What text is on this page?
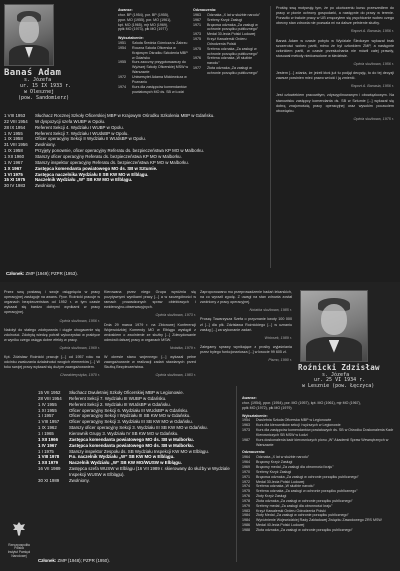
Banaś Adam
s. Józefa
ur. 15 IX 1933 r.
w Olesznej
(pow. Sandomierz)
Awanse:
chor. BP (1954), por. BP (1955),
ppor. MO (1955), por. MO (1961),
kpt. MO (1965), mjr MO (1969),
ppłk MO (1973), płk MO (1977)
Wykształcenie:
1951	Szkoła Średnia Górnicza w Żabrzu
1954	Roczna Szkoła Oficerska w Krajowym Ośrodku Szkolenia MBP w Gdańsku
1955	Kurs zaoczny przygotowawczy do Wyższej Szkoły Oficerskiej MSW w Warszawie
1972	Uniwersytet Adama Mickiewicza w Poznaniu
1974	Kurs dla zastępców komendantów powiatowych MO ds. SB w Łodzi
Odznaczenia:
1963	Odznaka „X lat w służbie narodu”
1967	Srebrny Krzyż Zasługi
1971	Brązowa odznaka „Za zasługi w ochronie porządku publicznego”
1973	Medal 30-lecia Polski Ludowej
1975	Krzyż Kawalerski Orderu Odrodzenia Polski
1975	Srebrna odznaka „Za zasługi w ochronie porządku publicznego”
1976	Srebrna odznaka „W służbie narodu”
1977	Złota odznaka „Za zasługi w ochronie porządku publicznego”

Prośbę swą motywuję tym, że po ukończeniu kursu przeszedłem do pracy w pionie ochrony gospodarki, a następnie do pracy w terenie. Ponadto w trakcie pracy w UB zmęczyłem się psychicznie wobec czego obecny stan zdrowia nie pozwala mi na dalsze pełnienie służby.

Raport A. Banasia, 1956 r.

Banaś Adam w czasie pobytu w Wydziale Śledczym wykazał brak szczerości wobec partii, mimo że był członkiem ZMP, a następnie członkiem partii, w czasie przesłuchania nie mówił całej prawdy, stosował metody niedozwolone w śledztwie.

Opinia służbowa, 1956 r.

Jestem [...] zdania, że jeżeli ktoś już tu podjął decyzję, to do tej decyzji zawsze powinien mieć prawo wrócić i ją zmienić.

Raport A. Banasia, 1956 r.

Jest człowiekiem pracowitym, zdyscyplinowanym i obowiązkowym. Na stanowisku zastępcy komendanta ds. SB w Sztumie [...] wykazał się dobrą znajomością pracy operacyjnej oraz wysokim poczuciem obowiązku.

Opinia służbowa, 1975 r.
1 VIII 1953	Słuchacz Rocznej Szkoły Oficerskiej MBP w Krajowym Ośrodku Szkolenia MBP w Gdańsku.
22 VIII 1954	W dyspozycji szefa WUBP w Opolu.
28 IX 1954	Referent Sekcji 4. Wydziału I WUBP w Opolu.
1 IV 1955	Referent Sekcji 7. Wydziału I WUdsBP w Opolu.
1 IX 1958	Oficer operacyjny Sekcji II Wydziału II WUdsBP w Opolu.
31 VIII 1956	Zwolniony.
1 IX 1958	Przyjęty ponownie, oficer operacyjny Referatu ds. bezpieczeństwa KP MO w Malborku.
1 XII 1960	Starszy oficer operacyjny Referatu ds. bezpieczeństwa KP MO w Malborku.
1 IV 1967	Starszy inspektor operacyjny Referatu ds. bezpieczeństwa KP MO w Malborku.
1 X 1967	Zastępca komendanta powiatowego MO ds. SB w Sztumie.
1 VI 1975	Zastępca naczelnika Wydziału II SB KW MO w Elblągu.
15 XI 1975	Naczelnik Wydziału „W” SB KW MO w Elblągu.
30 IV 1983	Zwolniony.
Członek: ZMP (1949); PZPR (1953).

Przez swą postawę i swoje osiągnięcia w pracy operacyjnej zasługuje na awans. Ppor. Roźnicki pracuje w organach bezpieczeństwa od 1952 r. w tym czasie wykazał się bardzo dobrymi wynikami w pracy operacyjnej.

Opinia służbowa, 1956 r.

Nałożył do stałego zdobywania i ciągłe ubogacenie się zdolności. Zdobytą wiedzę potrafi wykorzystać w praktyce w wyniku czego osiąga dobre efekty w pracy.

Opinia służbowa, 1969 r.

Kpt. Zdzisław Roźnicki pracuje [...] od 1957 roku na odcinku zwalczania działalności wrogich elementów [...] W toku swojej pracy wykazał się dużym zaangażowaniem.

Charakterystyka, 1970 r.

Kierowana przez niego Grupa wyróżnia się pozytywnymi wynikami pracy [...] a w szczególności w ramach prowadzonych spraw obiektowych i ewidencyjno-obserwacyjnych.

Opinia służbowa, 1973 r.

Dnia 29 marca 1979 r. na Zbiorowej Konferencji Wojewódzkiej Komendy MO w Elblągu wystąpił z wnioskiem o zwolnienie ze służby [...] Zdecydowanie odmówił dalszej pracy w organach MSW.

Notatka, 1979 r.

W okresie stanu wojennego [...] wykazał pełne zaangażowanie w realizacji zadań stawianych przed Służbą Bezpieczeństwa.

Opinia służbowa, 1983 r.

Zaproponowano mu przeprowadzenie badań lekarskich, na co wyraził zgodę. Z uwagi na stan zdrowia został zwolniony z pracy operacyjnej.

Notatka służbowa, 1985 r.

Proszę Towarzysza Szefa o przyznanie kwoty 100 000 zł [...] dla płk. Zdzisława Roźnickiego [...] w uznaniu zasług [...] za wykonanie zadań.

Wniosek, 1989 r.

Zalegamy sprawy wynikające z prośby wyjaśniania przez byłego funkcjonariusza [...] w kwocie 99 605 zł.

Pismo, 1990 r.
Roźnicki Zdzisław
s. Józefa
ur. 25 VI 1934 r.
w Lesznie (pow. Łęczyca)
15 VII 1952	Słuchacz Dwuletniej Szkoły Oficerskiej MBP w Legionowie.
28 VIII 1954	Referent Sekcji 7. Wydziału III WUBP w Gdańsku.
1 IV 1955	Referent Sekcji 2. Wydziału III WUdsBP w Gdańsku.
1 XI 1955	Oficer operacyjny Sekcji 6. Wydziału III WUdsBP w Gdańsku.
1 I 1957	Oficer operacyjny Sekcji I Wydziału III SB KW MO w Gdańsku.
1 VIII 1957	Oficer operacyjny Sekcji 3. Wydziału III SB KW MO w Gdańsku.
1 IX 1962	Starszy oficer operacyjny Sekcji 3. Wydziału III SB KW MO w Gdańsku.
1 I 1965	Kierownik Grupy 3. Wydziału IV SB KW MO w Gdańsku.
1 XII 1966	Zastępca komendanta powiatowego MO ds. SB w Malborku.
1 IV 1967	Zastępca komendanta powiatowego MO ds. SB w Malborku.
1 I 1975	Starszy inspektor Zespołu ds. SB Wydziału Inspekcji KW MO w Elblągu.
1 VIII 1978	P.o. naczelnik Wydziału „W” SB KW MO w Elblągu.
1 XII 1979	Naczelnik Wydziału „W” SB KW MO/WUSW w Elblągu.
16 VII 1989	Zastępca szefa WUSW w Elblągu (16 VII 1989 r. skierowany do służby w Wydziale Inspekcji WUSW w Elblągu).
30 XI 1989	Zwolniony.
Członek: ZMP (1948); PZPR (1950).
Awanse:
chor. (1954), ppor. (1954), por. MO (1957), kpt. MO (1961), mjr MO (1967),
ppłk MO (1972), płk MO (1979)
Wykształcenie:
1954	Dwuletnia Szkoła Oficerska MBP w Legionowie
1963	Kurs dla kierowników sekcji i wyższych w Legionowie
1973	Kurs dla zastępców komendantów powiatowych ds. SB w Ośrodku Doskonalenia Kadr Kierowniczych SB MSW w Łodzi
1987	Kurs doskonalenia kadr kierowniczych pionu „W” Akademii Spraw Wewnętrznych w Warszawie
Odznaczenia:
1964	Odznaka „X lat w służbie narodu”
1964	Brązowy Krzyż Zasługi
1969	Brązowy medal „Za zasługi dla obronności kraju”
1970	Srebrny Krzyż Zasługi
1971	Brązowa odznaka „Za zasługi w ochronie porządku publicznego”
1972	Medal 30-lecia Polski Ludowej
1974	Srebrna odznaka „W służbie narodu”
1975	Srebrna odznaka „Za zasługi w ochronie porządku publicznego”
1976	Złoty Krzyż Zasługi
1978	Złota odznaka „Za zasługi w ochronie porządku publicznego”
1979	Srebrny medal „Za zasługi dla obronności kraju”
1983	Krzyż Kawalerski Orderu Odrodzenia Polski
1984	Złoty Medal „Za zasługi w ochronie porządku publicznego”
1984	Wyróżnienie Wojewódzkiej Rady Zakładowej Związku Zawodowego ZRS MSW
1986	Medal 40-lecia Polski Ludowej
1988	Złota odznaka „Za zasługi w ochronie porządku publicznego”
Rzeczpospolita Polska
Instytut Pamięci Narodowej
